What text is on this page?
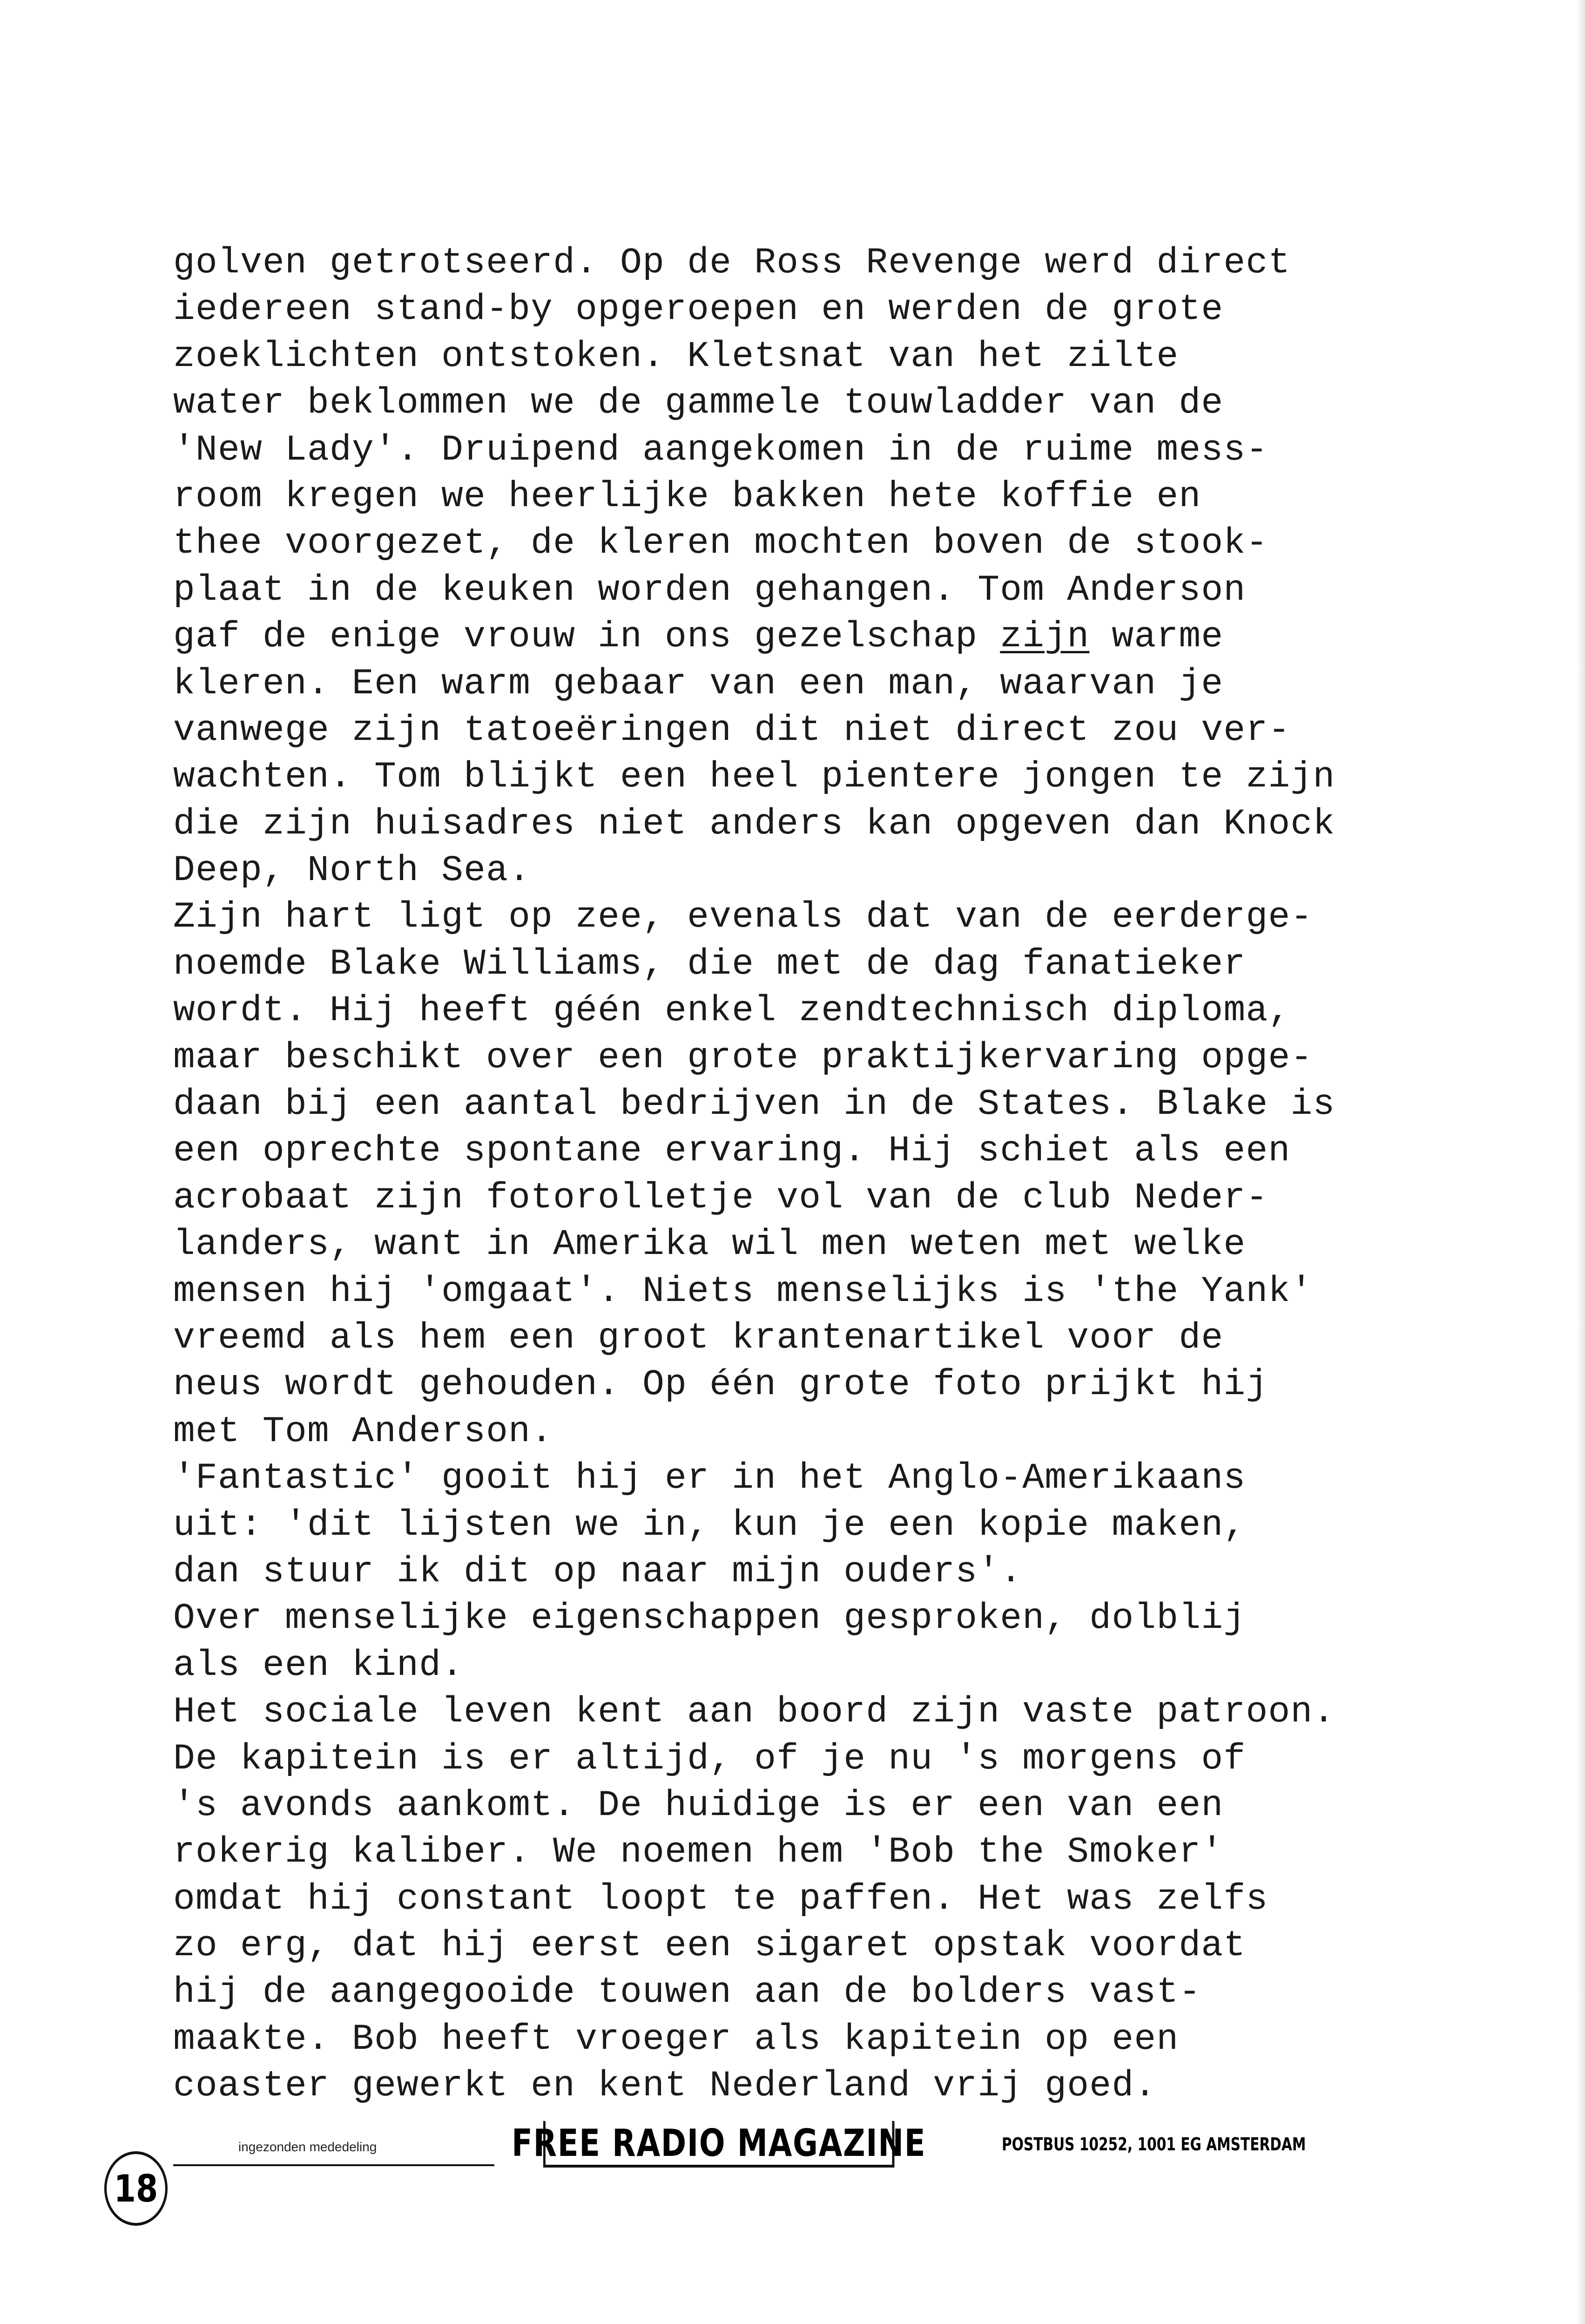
golven getrotseerd. Op de Ross Revenge werd direct
iedereen stand-by opgeroepen en werden de grote
zoeklichten ontstoken. Kletsnat van het zilte
water beklommen we de gammele touwladder van de
'New Lady'. Druipend aangekomen in de ruime mess-
room kregen we heerlijke bakken hete koffie en
thee voorgezet, de kleren mochten boven de stook-
plaat in de keuken worden gehangen. Tom Anderson
gaf de enige vrouw in ons gezelschap zijn warme
kleren. Een warm gebaar van een man, waarvan je
vanwege zijn tatoeëringen dit niet direct zou ver-
wachten. Tom blijkt een heel pientere jongen te zijn
die zijn huisadres niet anders kan opgeven dan Knock
Deep, North Sea.
Zijn hart ligt op zee, evenals dat van de eerderge-
noemde Blake Williams, die met de dag fanatieker
wordt. Hij heeft géén enkel zendtechnisch diploma,
maar beschikt over een grote praktijkervaring opge-
daan bij een aantal bedrijven in de States. Blake is
een oprechte spontane ervaring. Hij schiet als een
acrobaat zijn fotorolletje vol van de club Neder-
landers, want in Amerika wil men weten met welke
mensen hij 'omgaat'. Niets menselijks is 'the Yank'
vreemd als hem een groot krantenartikel voor de
neus wordt gehouden. Op één grote foto prijkt hij
met Tom Anderson.
'Fantastic' gooit hij er in het Anglo-Amerikaans
uit: 'dit lijsten we in, kun je een kopie maken,
dan stuur ik dit op naar mijn ouders'.
Over menselijke eigenschappen gesproken, dolblij
als een kind.
Het sociale leven kent aan boord zijn vaste patroon.
De kapitein is er altijd, of je nu 's morgens of
's avonds aankomt. De huidige is er een van een
rokerig kaliber. We noemen hem 'Bob the Smoker'
omdat hij constant loopt te paffen. Het was zelfs
zo erg, dat hij eerst een sigaret opstak voordat
hij de aangegooide touwen aan de bolders vast-
maakte. Bob heeft vroeger als kapitein op een
coaster gewerkt en kent Nederland vrij goed.
ingezonden mededeling	FREE RADIO MAGAZINE	POSTBUS 10252, 1001 EG AMSTERDAM
18
